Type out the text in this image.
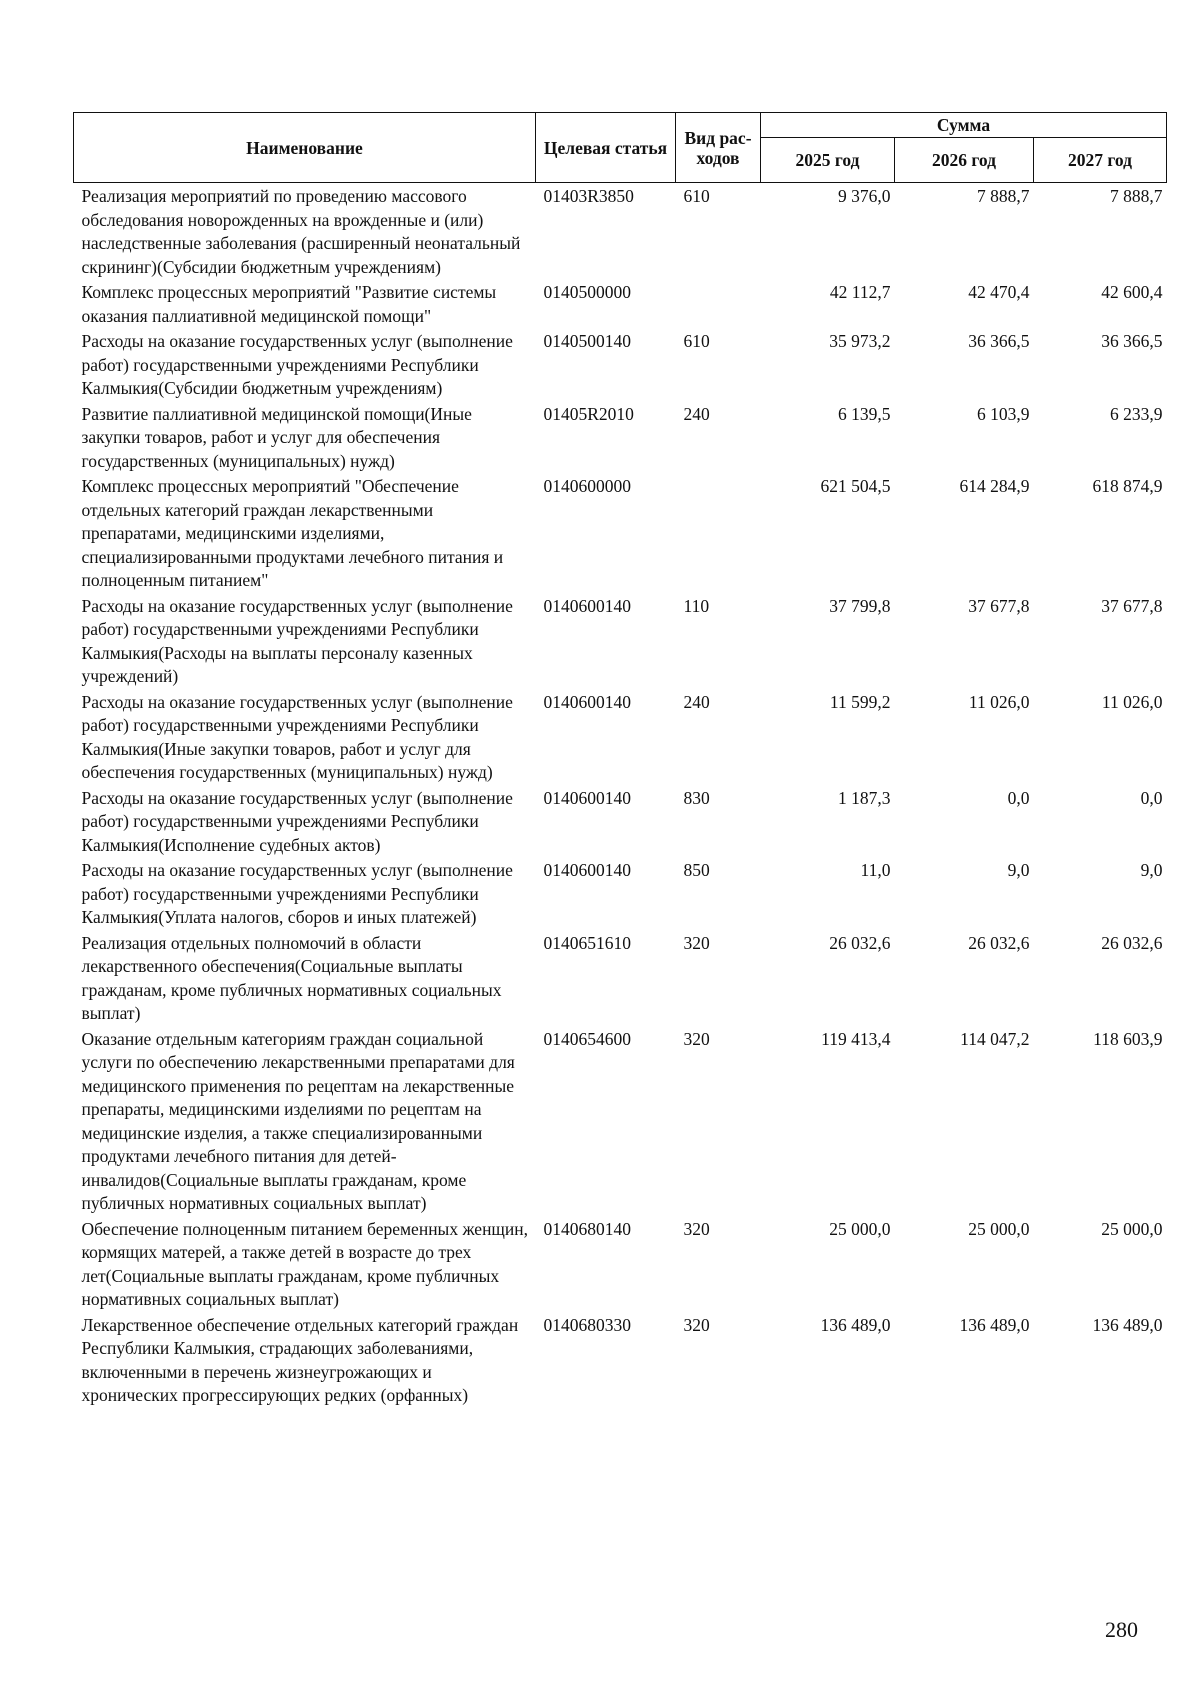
Наименование	Целевая статья	Вид рас-ходов	Сумма		
			2025 год	2026 год	2027 год
Реализация мероприятий по проведению массового обследования новорожденных на врожденные и (или) наследственные заболевания (расширенный неонатальный скрининг)(Субсидии бюджетным учреждениям)	01403R3850	610	9 376,0	7 888,7	7 888,7
Комплекс процессных мероприятий "Развитие системы оказания паллиативной медицинской помощи"	0140500000		42 112,7	42 470,4	42 600,4
Расходы на оказание государственных услуг (выполнение работ) государственными учреждениями Республики Калмыкия(Субсидии бюджетным учреждениям)	0140500140	610	35 973,2	36 366,5	36 366,5
Развитие паллиативной медицинской помощи(Иные закупки товаров, работ и услуг для обеспечения государственных (муниципальных) нужд)	01405R2010	240	6 139,5	6 103,9	6 233,9
Комплекс процессных мероприятий "Обеспечение отдельных категорий граждан лекарственными препаратами, медицинскими изделиями, специализированными продуктами лечебного питания и полноценным питанием"	0140600000		621 504,5	614 284,9	618 874,9
Расходы на оказание государственных услуг (выполнение работ) государственными учреждениями Республики Калмыкия(Расходы на выплаты персоналу казенных учреждений)	0140600140	110	37 799,8	37 677,8	37 677,8
Расходы на оказание государственных услуг (выполнение работ) государственными учреждениями Республики Калмыкия(Иные закупки товаров, работ и услуг для обеспечения государственных (муниципальных) нужд)	0140600140	240	11 599,2	11 026,0	11 026,0
Расходы на оказание государственных услуг (выполнение работ) государственными учреждениями Республики Калмыкия(Исполнение судебных актов)	0140600140	830	1 187,3	0,0	0,0
Расходы на оказание государственных услуг (выполнение работ) государственными учреждениями Республики Калмыкия(Уплата налогов, сборов и иных платежей)	0140600140	850	11,0	9,0	9,0
Реализация отдельных полномочий в области лекарственного обеспечения(Социальные выплаты гражданам, кроме публичных нормативных социальных выплат)	0140651610	320	26 032,6	26 032,6	26 032,6
Оказание отдельным категориям граждан социальной услуги по обеспечению лекарственными препаратами для медицинского применения по рецептам на лекарственные препараты, медицинскими изделиями по рецептам на медицинские изделия, а также специализированными продуктами лечебного питания для детей-инвалидов(Социальные выплаты гражданам, кроме публичных нормативных социальных выплат)	0140654600	320	119 413,4	114 047,2	118 603,9
Обеспечение полноценным питанием беременных женщин, кормящих матерей, а также детей в возрасте до трех лет(Социальные выплаты гражданам, кроме публичных нормативных социальных выплат)	0140680140	320	25 000,0	25 000,0	25 000,0
Лекарственное обеспечение отдельных категорий граждан Республики Калмыкия, страдающих заболеваниями, включенными в перечень жизнеугрожающих и хронических прогрессирующих редких (орфанных)	0140680330	320	136 489,0	136 489,0	136 489,0
280
